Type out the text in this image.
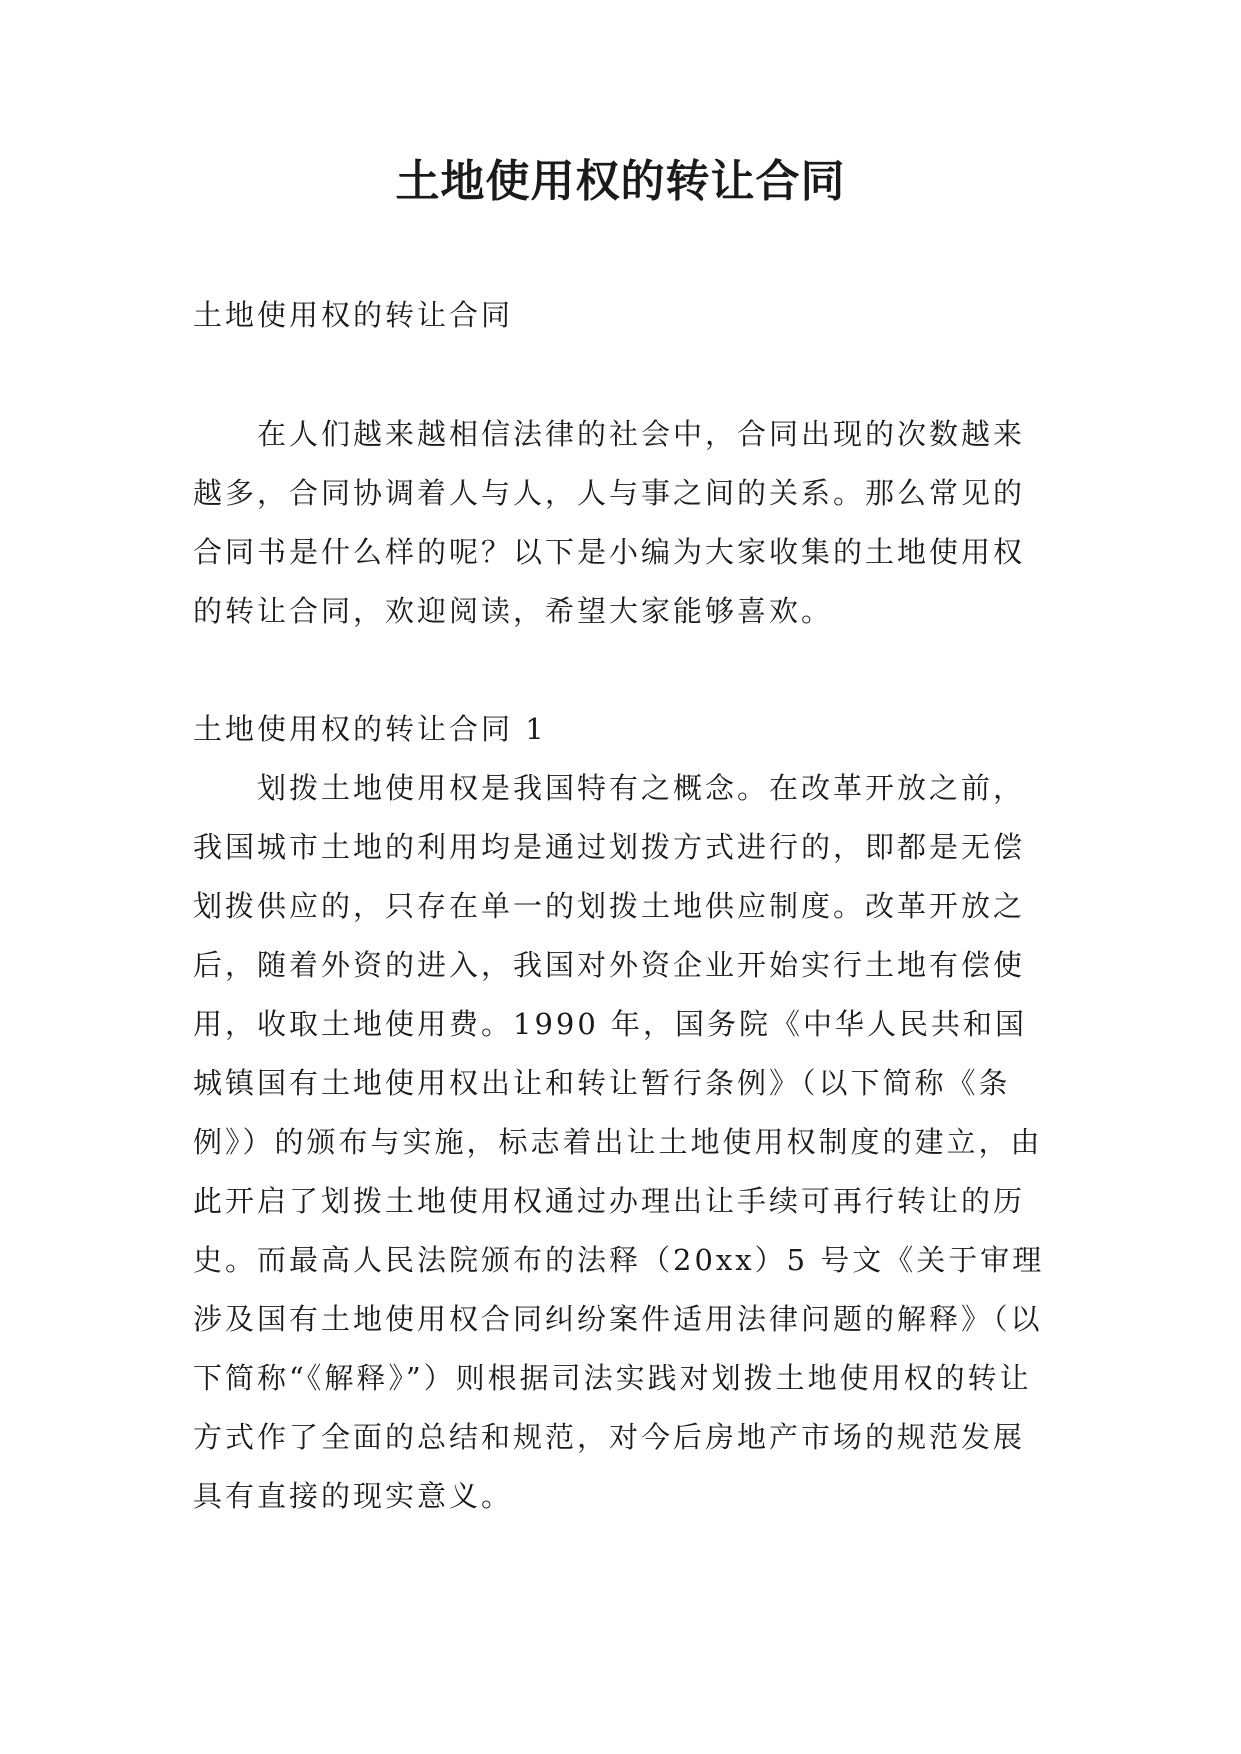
土地使用权的转让合同

土地使用权的转让合同

在人们越来越相信法律的社会中，合同出现的次数越来越多，合同协调着人与人，人与事之间的关系。那么常见的合同书是什么样的呢？以下是小编为大家收集的土地使用权的转让合同，欢迎阅读，希望大家能够喜欢。

土地使用权的转让合同 1

划拨土地使用权是我国特有之概念。在改革开放之前，我国城市土地的利用均是通过划拨方式进行的，即都是无偿划拨供应的，只存在单一的划拨土地供应制度。改革开放之后，随着外资的进入，我国对外资企业开始实行土地有偿使用，收取土地使用费。1990 年，国务院《中华人民共和国城镇国有土地使用权出让和转让暂行条例》（以下简称《条例》）的颁布与实施，标志着出让土地使用权制度的建立，由此开启了划拨土地使用权通过办理出让手续可再行转让的历史。而最高人民法院颁布的法释（20xx）5 号文《关于审理涉及国有土地使用权合同纠纷案件适用法律问题的解释》（以下简称“《解释》”）则根据司法实践对划拨土地使用权的转让方式作了全面的总结和规范，对今后房地产市场的规范发展具有直接的现实意义。
